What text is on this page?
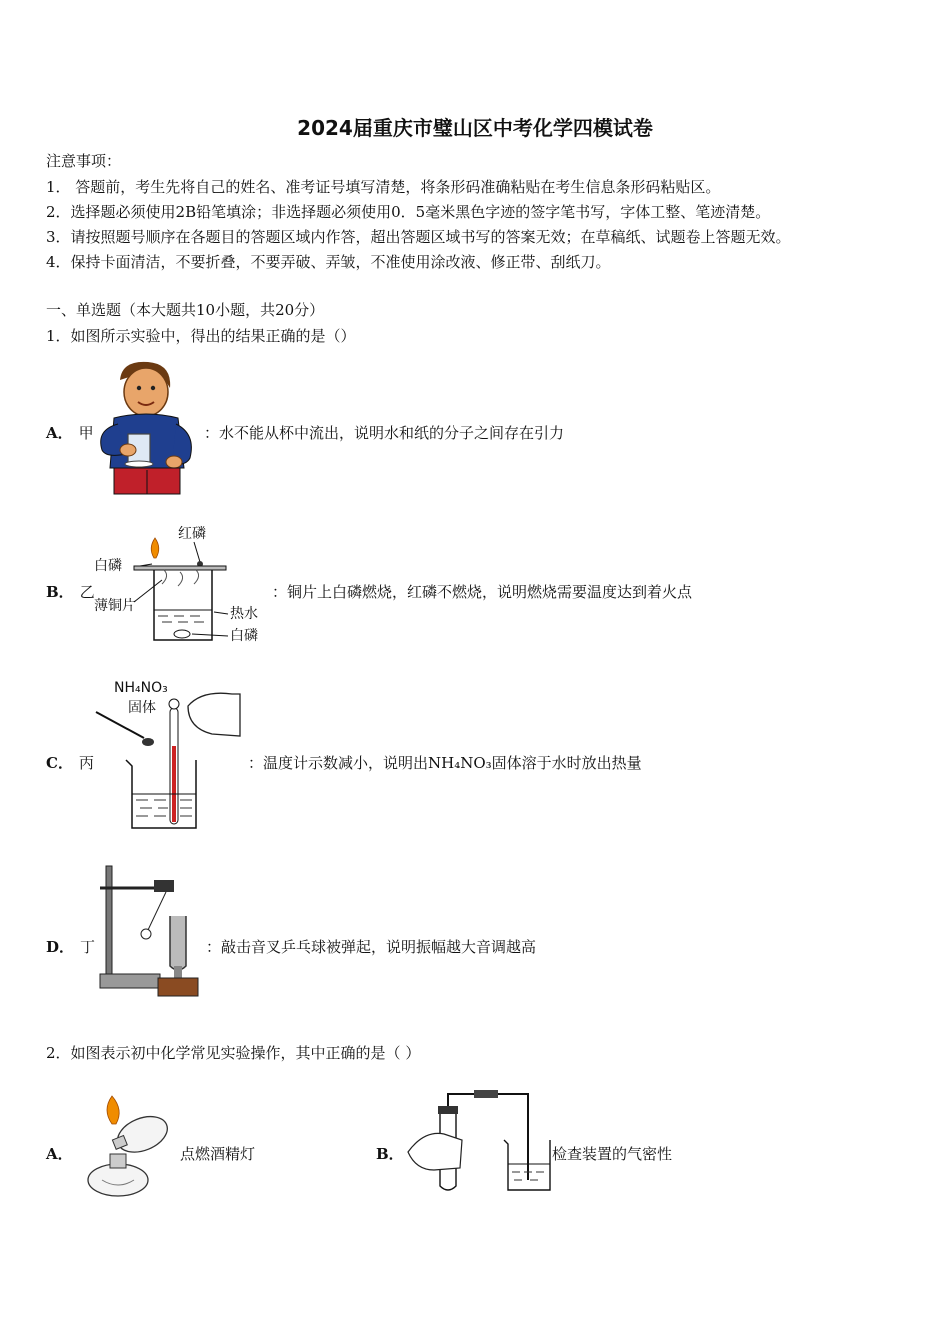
2024届重庆市璧山区中考化学四模试卷
注意事项：
1． 答题前，考生先将自己的姓名、准考证号填写清楚，将条形码准确粘贴在考生信息条形码粘贴区。
2．选择题必须使用2B铅笔填涂；非选择题必须使用0．5毫米黑色字迹的签字笔书写，字体工整、笔迹清楚。
3．请按照题号顺序在各题目的答题区域内作答，超出答题区域书写的答案无效；在草稿纸、试题卷上答题无效。
4．保持卡面清洁，不要折叠，不要弄破、弄皱，不准使用涂改液、修正带、刮纸刀。
一、单选题（本大题共10小题，共20分）
1．如图所示实验中，得出的结果正确的是（）
A． 甲	：水不能从杯中流出，说明水和纸的分子之间存在引力
B． 乙
红磷
白磷
薄铜片	热水
白磷
：铜片上白磷燃烧，红磷不燃烧，说明燃烧需要温度达到着火点
C． 丙
NH₄NO₃
固体
：温度计示数减小，说明出NH₄NO₃固体溶于水时放出热量
D． 丁	：敲击音叉乒乓球被弹起，说明振幅越大音调越高
2．如图表示初中化学常见实验操作，其中正确的是（ ）
A．	点燃酒精灯	B．	检查装置的气密性
